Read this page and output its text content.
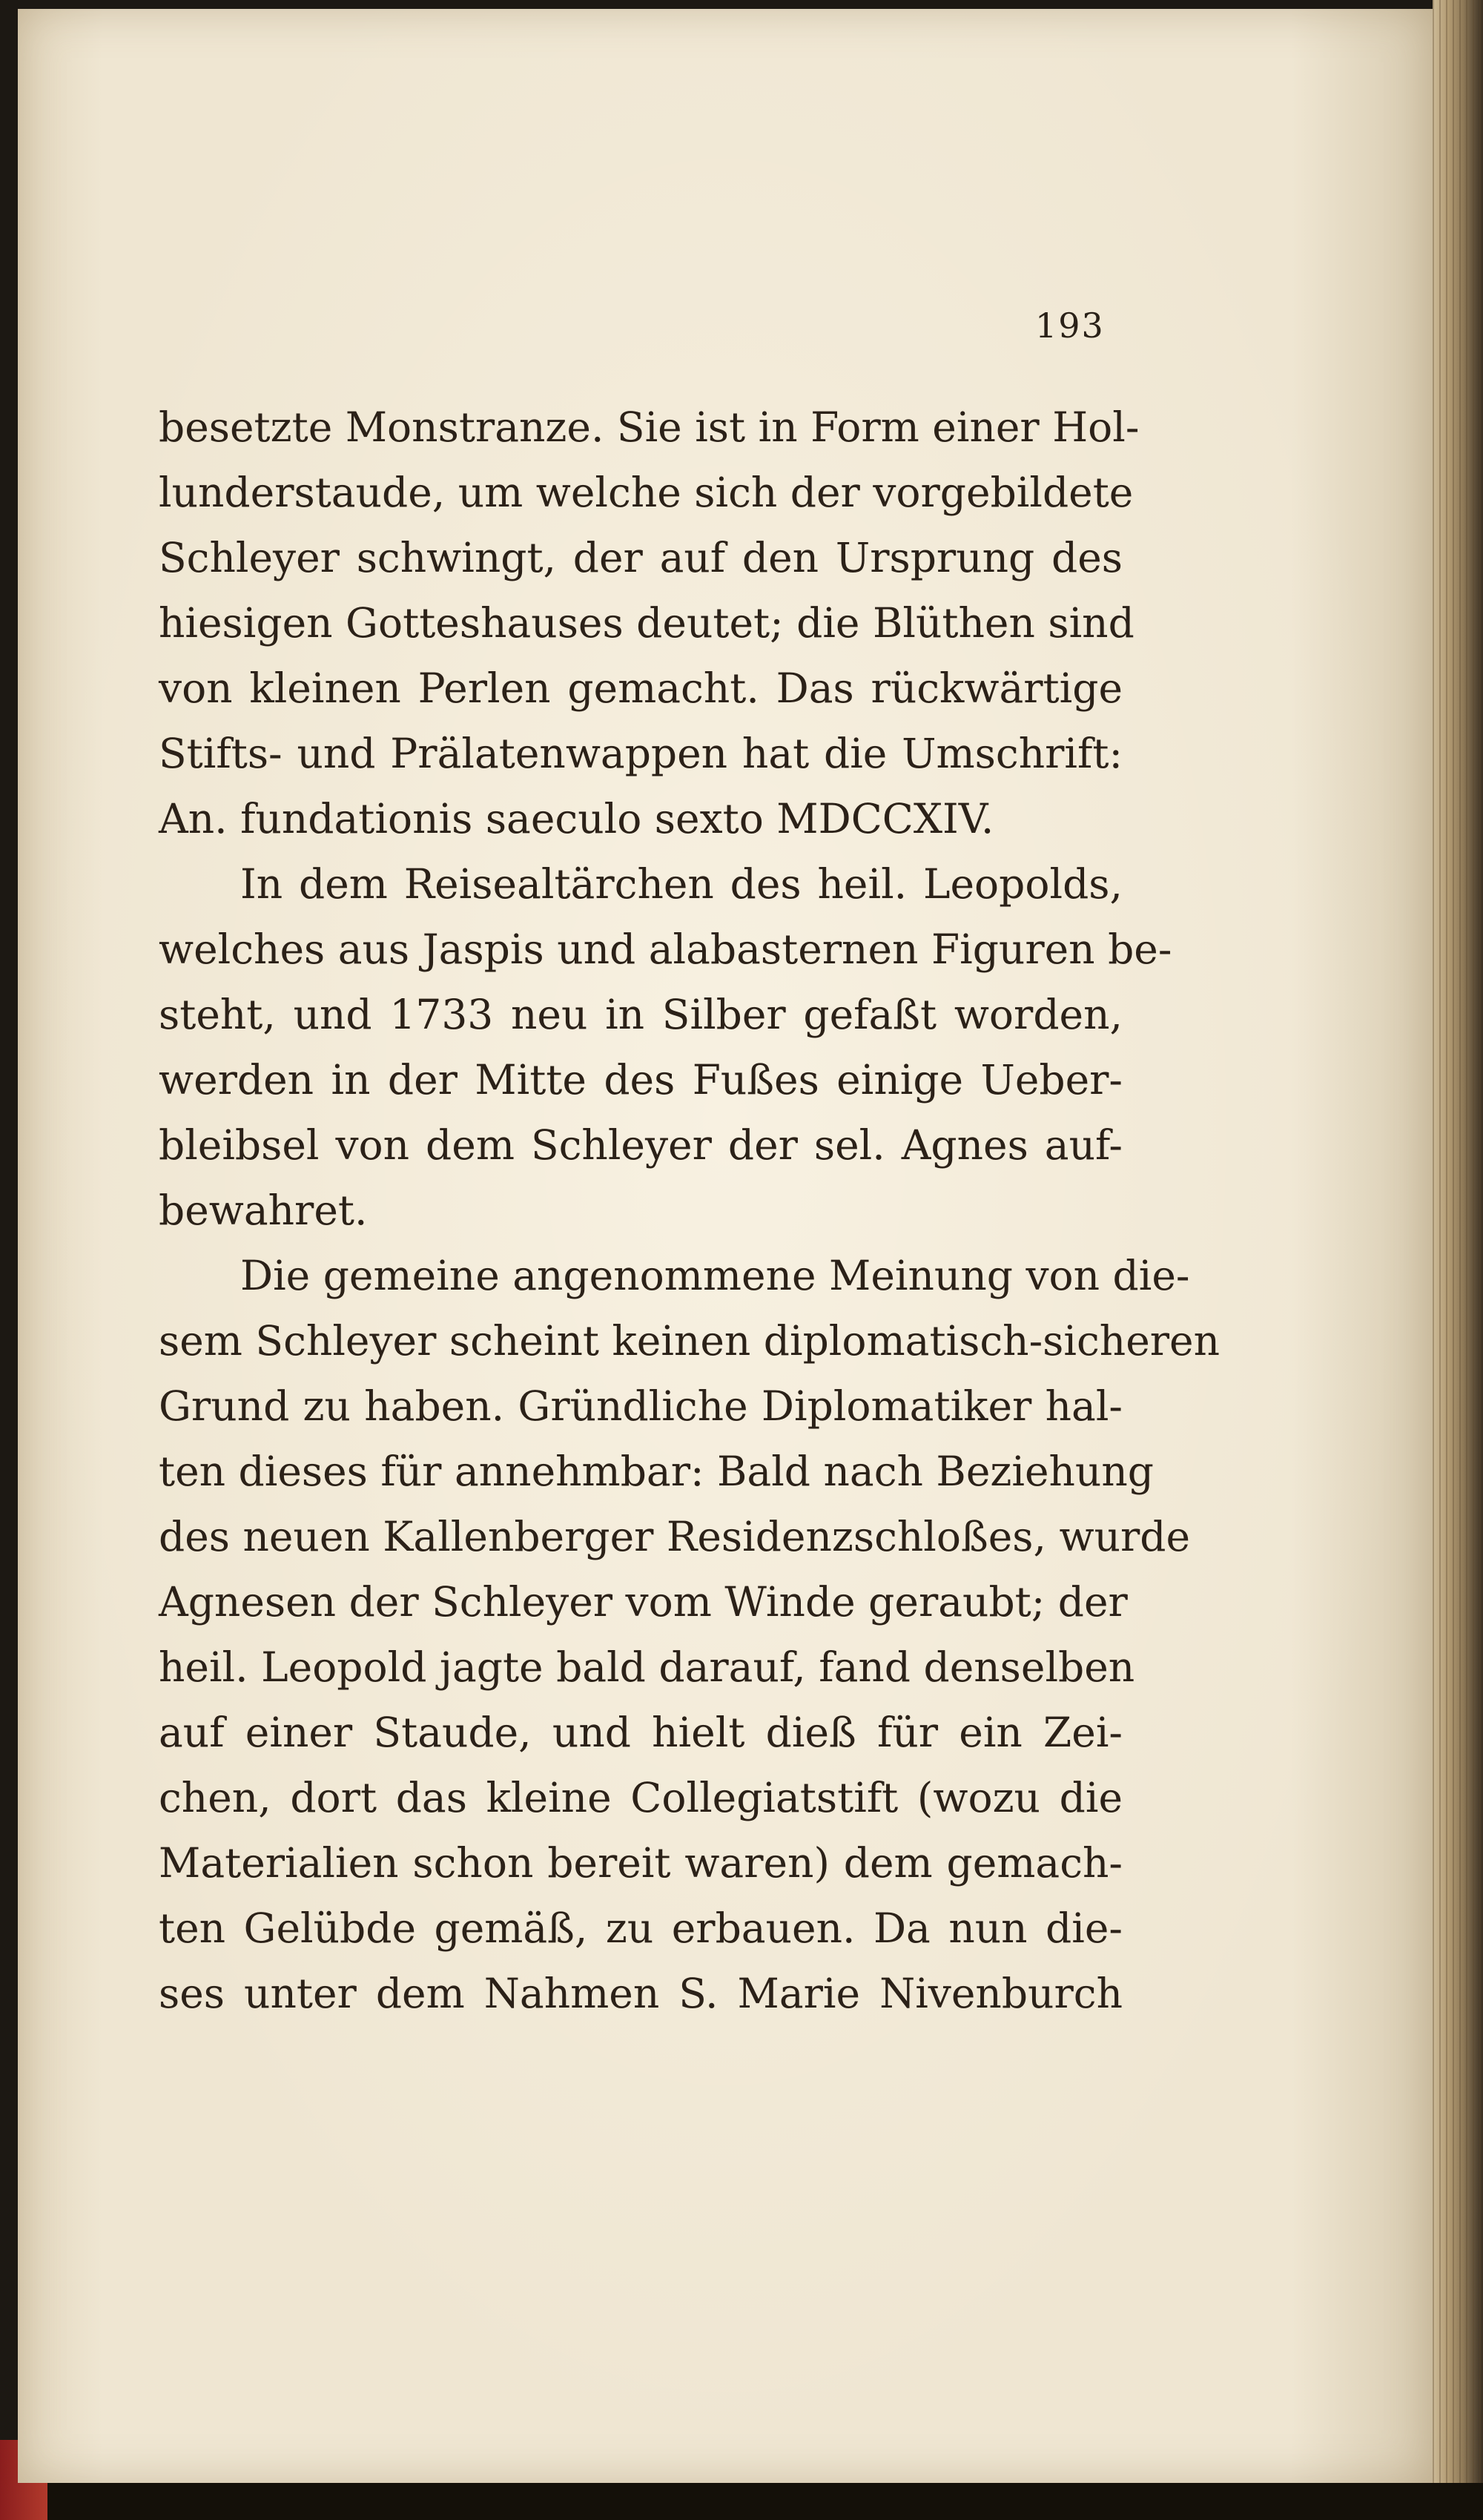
193

besetzte Monstranze. Sie ist in Form einer Hol-

lunderstaude, um welche sich der vorgebildete

Schleyer schwingt, der auf den Ursprung des

hiesigen Gotteshauses deutet; die Blüthen sind

von kleinen Perlen gemacht. Das rückwärtige

Stifts- und Prälatenwappen hat die Umschrift:

An. fundationis saeculo sexto MDCCXIV.

In dem Reisealtärchen des heil. Leopolds,

welches aus Jaspis und alabasternen Figuren be-

steht, und 1733 neu in Silber gefaßt worden,

werden in der Mitte des Fußes einige Ueber-

bleibsel von dem Schleyer der sel. Agnes auf-

bewahret.

Die gemeine angenommene Meinung von die-

sem Schleyer scheint keinen diplomatisch-sicheren

Grund zu haben. Gründliche Diplomatiker hal-

ten dieses für annehmbar: Bald nach Beziehung

des neuen Kallenberger Residenzschloßes, wurde

Agnesen der Schleyer vom Winde geraubt; der

heil. Leopold jagte bald darauf, fand denselben

auf einer Staude, und hielt dieß für ein Zei-

chen, dort das kleine Collegiatstift (wozu die

Materialien schon bereit waren) dem gemach-

ten Gelübde gemäß, zu erbauen. Da nun die-

ses unter dem Nahmen S. Marie Nivenburch
